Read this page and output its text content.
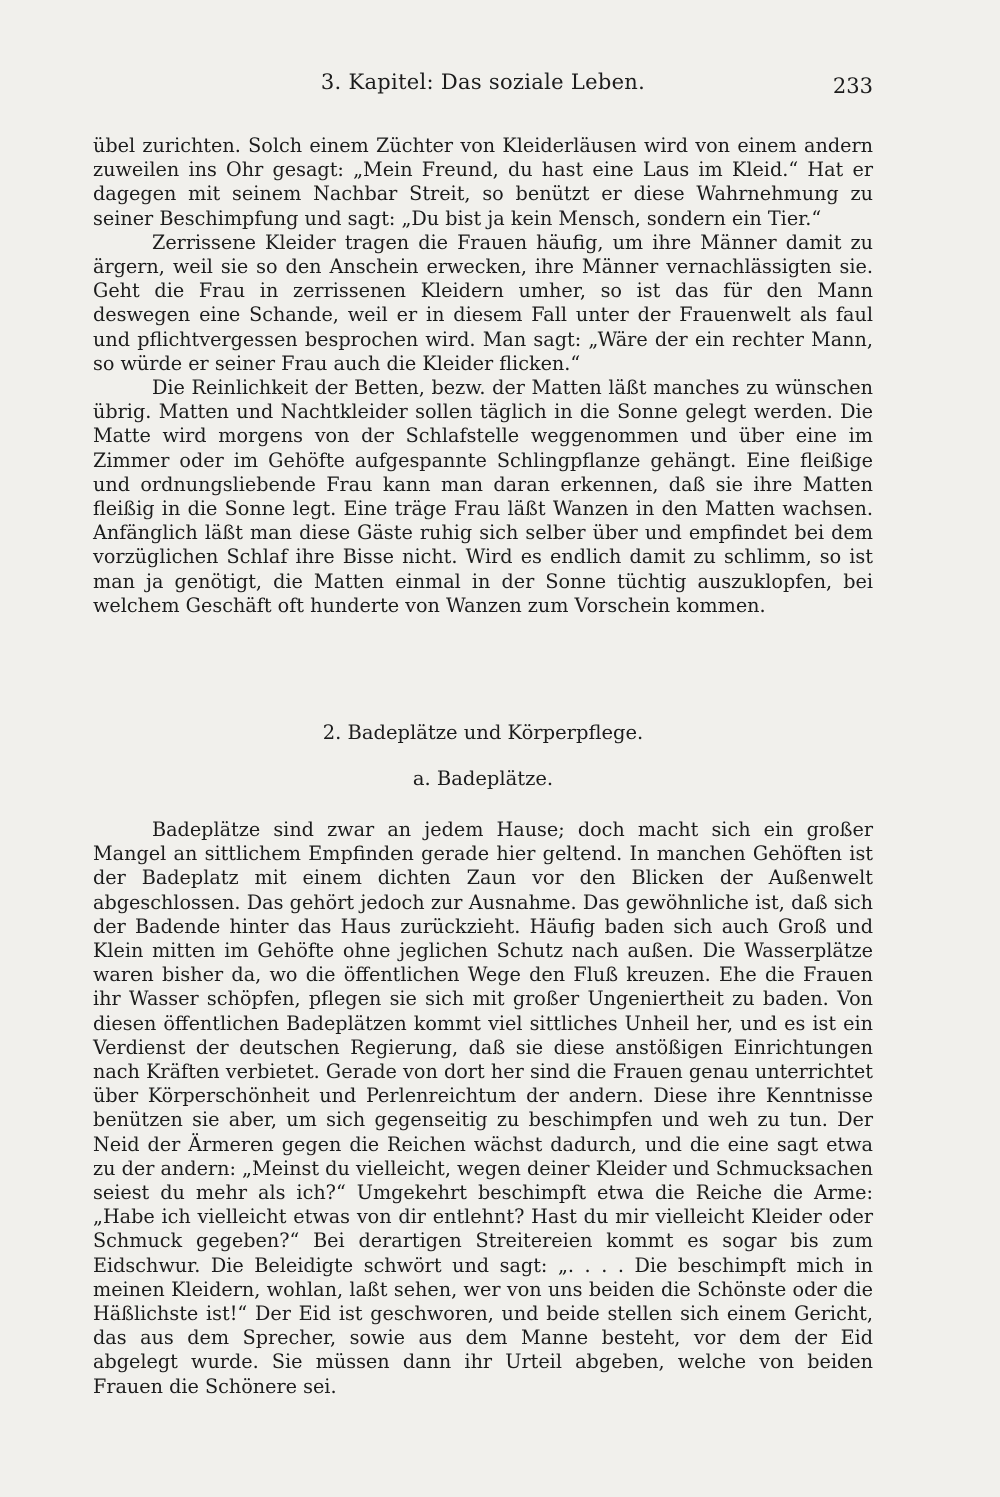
3. Kapitel: Das soziale Leben.	233

übel zurichten. Solch einem Züchter von Kleiderläusen wird von einem andern zuweilen ins Ohr gesagt: „Mein Freund, du hast eine Laus im Kleid.“ Hat er dagegen mit seinem Nachbar Streit, so benützt er diese Wahrnehmung zu seiner Beschimpfung und sagt: „Du bist ja kein Mensch, sondern ein Tier.“

Zerrissene Kleider tragen die Frauen häufig, um ihre Männer damit zu ärgern, weil sie so den Anschein erwecken, ihre Männer vernachlässigten sie. Geht die Frau in zerrissenen Kleidern umher, so ist das für den Mann deswegen eine Schande, weil er in diesem Fall unter der Frauenwelt als faul und pflichtvergessen besprochen wird. Man sagt: „Wäre der ein rechter Mann, so würde er seiner Frau auch die Kleider flicken.“

Die Reinlichkeit der Betten, bezw. der Matten läßt manches zu wünschen übrig. Matten und Nachtkleider sollen täglich in die Sonne gelegt werden. Die Matte wird morgens von der Schlafstelle weggenommen und über eine im Zimmer oder im Gehöfte aufgespannte Schlingpflanze gehängt. Eine fleißige und ordnungsliebende Frau kann man daran erkennen, daß sie ihre Matten fleißig in die Sonne legt. Eine träge Frau läßt Wanzen in den Matten wachsen. Anfänglich läßt man diese Gäste ruhig sich selber über und empfindet bei dem vorzüglichen Schlaf ihre Bisse nicht. Wird es endlich damit zu schlimm, so ist man ja genötigt, die Matten einmal in der Sonne tüchtig auszuklopfen, bei welchem Geschäft oft hunderte von Wanzen zum Vorschein kommen.

2. Badeplätze und Körperpflege.
a. Badeplätze.

Badeplätze sind zwar an jedem Hause; doch macht sich ein großer Mangel an sittlichem Empfinden gerade hier geltend. In manchen Gehöften ist der Badeplatz mit einem dichten Zaun vor den Blicken der Außenwelt abgeschlossen. Das gehört jedoch zur Ausnahme. Das gewöhnliche ist, daß sich der Badende hinter das Haus zurückzieht. Häufig baden sich auch Groß und Klein mitten im Gehöfte ohne jeglichen Schutz nach außen. Die Wasserplätze waren bisher da, wo die öffentlichen Wege den Fluß kreuzen. Ehe die Frauen ihr Wasser schöpfen, pflegen sie sich mit großer Ungeniertheit zu baden. Von diesen öffentlichen Badeplätzen kommt viel sittliches Unheil her, und es ist ein Verdienst der deutschen Regierung, daß sie diese anstößigen Einrichtungen nach Kräften verbietet. Gerade von dort her sind die Frauen genau unterrichtet über Körperschönheit und Perlenreichtum der andern. Diese ihre Kenntnisse benützen sie aber, um sich gegenseitig zu beschimpfen und weh zu tun. Der Neid der Ärmeren gegen die Reichen wächst dadurch, und die eine sagt etwa zu der andern: „Meinst du vielleicht, wegen deiner Kleider und Schmucksachen seiest du mehr als ich?“ Umgekehrt beschimpft etwa die Reiche die Arme: „Habe ich vielleicht etwas von dir entlehnt? Hast du mir vielleicht Kleider oder Schmuck gegeben?“ Bei derartigen Streitereien kommt es sogar bis zum Eidschwur. Die Beleidigte schwört und sagt: „. . . . Die beschimpft mich in meinen Kleidern, wohlan, laßt sehen, wer von uns beiden die Schönste oder die Häßlichste ist!“ Der Eid ist geschworen, und beide stellen sich einem Gericht, das aus dem Sprecher, sowie aus dem Manne besteht, vor dem der Eid abgelegt wurde. Sie müssen dann ihr Urteil abgeben, welche von beiden Frauen die Schönere sei.
